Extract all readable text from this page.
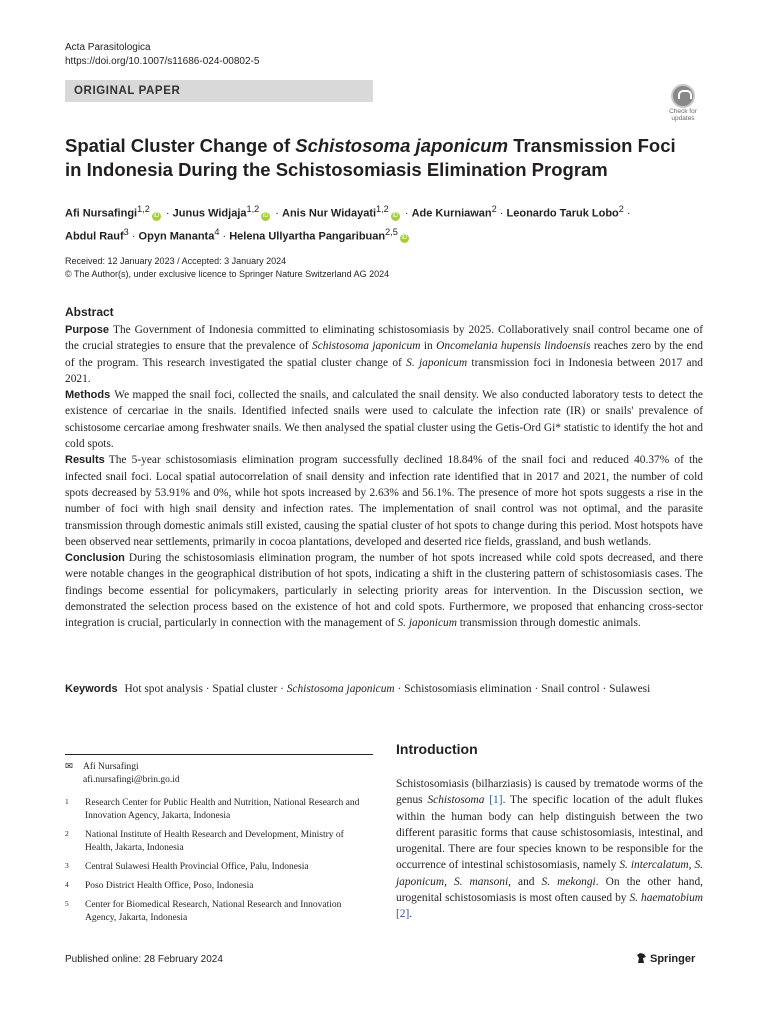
Acta Parasitologica
https://doi.org/10.1007/s11686-024-00802-5
ORIGINAL PAPER
Check for
updates
Spatial Cluster Change of Schistosoma japonicum Transmission Foci in Indonesia During the Schistosomiasis Elimination Program
Afi Nursafingi$^{1,2}$iD · Junus Widjaja$^{1,2}$iD · Anis Nur Widayati$^{1,2}$iD · Ade Kurniawan$^2$ · Leonardo Taruk Lobo$^2$ ·
Abdul Rauf$^3$ · Opyn Mananta$^4$ · Helena Ullyartha Pangaribuan$^{2,5}$iD
Received: 12 January 2023 / Accepted: 3 January 2024
© The Author(s), under exclusive licence to Springer Nature Switzerland AG 2024
Abstract

Purpose The Government of Indonesia committed to eliminating schistosomiasis by 2025. Collaboratively snail control became one of the crucial strategies to ensure that the prevalence of Schistosoma japonicum in Oncomelania hupensis lindoensis reaches zero by the end of the program. This research investigated the spatial cluster change of S. japonicum transmission foci in Indonesia between 2017 and 2021.

Methods We mapped the snail foci, collected the snails, and calculated the snail density. We also conducted laboratory tests to detect the existence of cercariae in the snails. Identified infected snails were used to calculate the infection rate (IR) or snails' prevalence of schistosome cercariae among freshwater snails. We then analysed the spatial cluster using the Getis-Ord Gi* statistic to identify the hot and cold spots.

Results The 5-year schistosomiasis elimination program successfully declined 18.84% of the snail foci and reduced 40.37% of the infected snail foci. Local spatial autocorrelation of snail density and infection rate identified that in 2017 and 2021, the number of cold spots decreased by 53.91% and 0%, while hot spots increased by 2.63% and 56.1%. The presence of more hot spots suggests a rise in the number of foci with high snail density and infection rates. The implementation of snail control was not optimal, and the parasite transmission through domestic animals still existed, causing the spatial cluster of hot spots to change during this period. Most hotspots have been observed near settlements, primarily in cocoa plantations, developed and deserted rice fields, grassland, and bush wetlands.

Conclusion During the schistosomiasis elimination program, the number of hot spots increased while cold spots decreased, and there were notable changes in the geographical distribution of hot spots, indicating a shift in the clustering pattern of schistosomiasis cases. The findings become essential for policymakers, particularly in selecting priority areas for intervention. In the Discussion section, we demonstrated the selection process based on the existence of hot and cold spots. Furthermore, we proposed that enhancing cross-sector integration is crucial, particularly in connection with the management of S. japonicum transmission through domestic animals.

Keywords Hot spot analysis · Spatial cluster · Schistosoma japonicum · Schistosomiasis elimination · Snail control · Sulawesi
✉ Afi Nursafingi
afi.nursafingi@brin.go.id
1	Research Center for Public Health and Nutrition, National Research and Innovation Agency, Jakarta, Indonesia
2	National Institute of Health Research and Development, Ministry of Health, Jakarta, Indonesia
3	Central Sulawesi Health Provincial Office, Palu, Indonesia
4	Poso District Health Office, Poso, Indonesia
5	Center for Biomedical Research, National Research and Innovation Agency, Jakarta, Indonesia
Introduction

Schistosomiasis (bilharziasis) is caused by trematode worms of the genus Schistosoma [1]. The specific location of the adult flukes within the human body can help distinguish between the two different parasitic forms that cause schistosomiasis, intestinal, and urogenital. There are four species known to be responsible for the occurrence of intestinal schistosomiasis, namely S. intercalatum, S. japonicum, S. mansoni, and S. mekongi. On the other hand, urogenital schistosomiasis is most often caused by S. haematobium [2].

Published online: 28 February 2024	Springer
